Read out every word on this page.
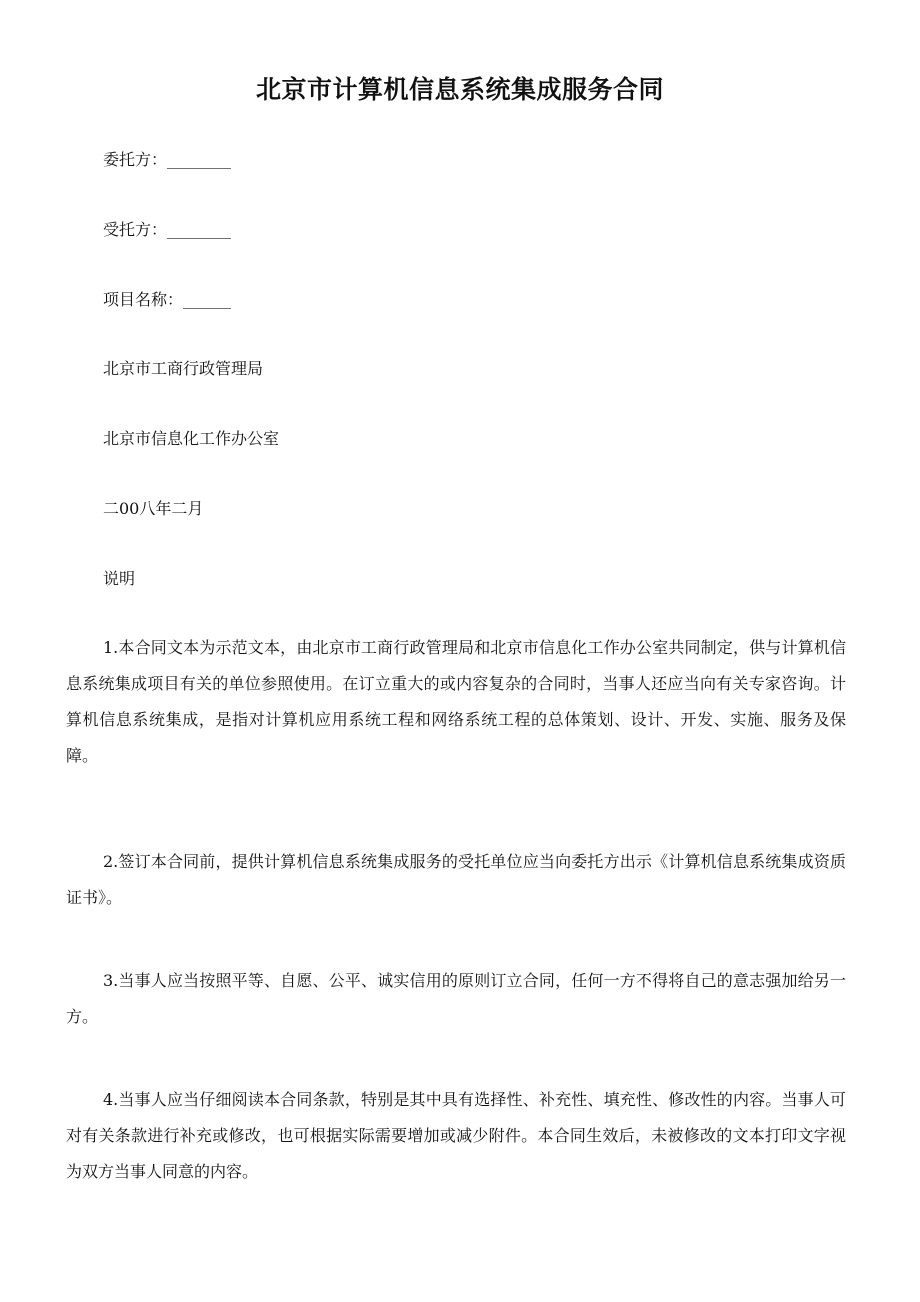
北京市计算机信息系统集成服务合同

委托方：________

受托方：________

项目名称：______

北京市工商行政管理局

北京市信息化工作办公室

二00八年二月

说明

1.本合同文本为示范文本，由北京市工商行政管理局和北京市信息化工作办公室共同制定，供与计算机信息系统集成项目有关的单位参照使用。在订立重大的或内容复杂的合同时，当事人还应当向有关专家咨询。计算机信息系统集成，是指对计算机应用系统工程和网络系统工程的总体策划、设计、开发、实施、服务及保障。

2.签订本合同前，提供计算机信息系统集成服务的受托单位应当向委托方出示《计算机信息系统集成资质证书》。

3.当事人应当按照平等、自愿、公平、诚实信用的原则订立合同，任何一方不得将自己的意志强加给另一方。

4.当事人应当仔细阅读本合同条款，特别是其中具有选择性、补充性、填充性、修改性的内容。当事人可对有关条款进行补充或修改，也可根据实际需要增加或减少附件。本合同生效后，未被修改的文本打印文字视为双方当事人同意的内容。
